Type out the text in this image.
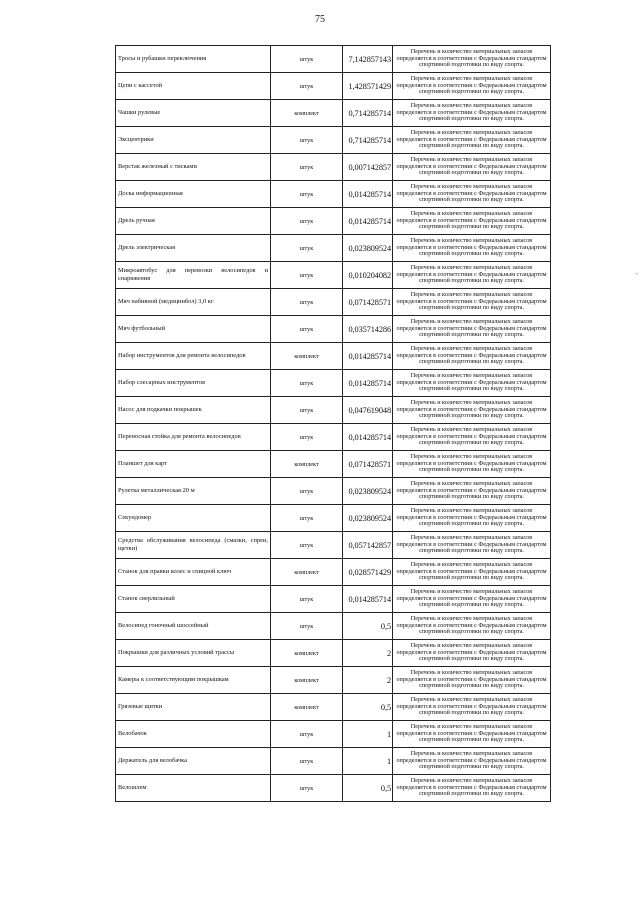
75
-
Тросы и рубашки переключения	штук	7,142857143	Перечень и количество материальных запасов определяется в соответствии с Федеральным стандартом спортивной подготовки по виду спорта.
Цепи с кассетой	штук	1,428571429	Перечень и количество материальных запасов определяется в соответствии с Федеральным стандартом спортивной подготовки по виду спорта.
Чашки рулевые	комплект	0,714285714	Перечень и количество материальных запасов определяется в соответствии с Федеральным стандартом спортивной подготовки по виду спорта.
Эксцентрики	штук	0,714285714	Перечень и количество материальных запасов определяется в соответствии с Федеральным стандартом спортивной подготовки по виду спорта.
Верстак железный с тисками	штук	0,007142857	Перечень и количество материальных запасов определяется в соответствии с Федеральным стандартом спортивной подготовки по виду спорта.
Доска информационная	штук	0,014285714	Перечень и количество материальных запасов определяется в соответствии с Федеральным стандартом спортивной подготовки по виду спорта.
Дрель ручная	штук	0,014285714	Перечень и количество материальных запасов определяется в соответствии с Федеральным стандартом спортивной подготовки по виду спорта.
Дрель электрическая	штук	0,023809524	Перечень и количество материальных запасов определяется в соответствии с Федеральным стандартом спортивной подготовки по виду спорта.
Микроавтобус для перевозки велосипедов и снаряжения	штук	0,010204082	Перечень и количество материальных запасов определяется в соответствии с Федеральным стандартом спортивной подготовки по виду спорта.
Мяч набивной (медицинбол) 3,0 кг	штук	0,071428571	Перечень и количество материальных запасов определяется в соответствии с Федеральным стандартом спортивной подготовки по виду спорта.
Мяч футбольный	штук	0,035714286	Перечень и количество материальных запасов определяется в соответствии с Федеральным стандартом спортивной подготовки по виду спорта.
Набор инструментов для ремонта велосипедов	комплект	0,014285714	Перечень и количество материальных запасов определяется в соответствии с Федеральным стандартом спортивной подготовки по виду спорта.
Набор слесарных инструментов	штук	0,014285714	Перечень и количество материальных запасов определяется в соответствии с Федеральным стандартом спортивной подготовки по виду спорта.
Насос для подкачки покрышек	штук	0,047619048	Перечень и количество материальных запасов определяется в соответствии с Федеральным стандартом спортивной подготовки по виду спорта.
Переносная стойка для ремонта велосипедов	штук	0,014285714	Перечень и количество материальных запасов определяется в соответствии с Федеральным стандартом спортивной подготовки по виду спорта.
Планшет для карт	комплект	0,071428571	Перечень и количество материальных запасов определяется в соответствии с Федеральным стандартом спортивной подготовки по виду спорта.
Рулетка металлическая 20 м	штук	0,023809524	Перечень и количество материальных запасов определяется в соответствии с Федеральным стандартом спортивной подготовки по виду спорта.
Секундомер	штук	0,023809524	Перечень и количество материальных запасов определяется в соответствии с Федеральным стандартом спортивной подготовки по виду спорта.
Средства обслуживания велосипеда (смазки, спреи, щетки)	штук	0,057142857	Перечень и количество материальных запасов определяется в соответствии с Федеральным стандартом спортивной подготовки по виду спорта.
Станок для правки колес и спицной ключ	комплект	0,028571429	Перечень и количество материальных запасов определяется в соответствии с Федеральным стандартом спортивной подготовки по виду спорта.
Станок сверлильный	штук	0,014285714	Перечень и количество материальных запасов определяется в соответствии с Федеральным стандартом спортивной подготовки по виду спорта.
Велосипед гоночный шоссейный	штук	0,5	Перечень и количество материальных запасов определяется в соответствии с Федеральным стандартом спортивной подготовки по виду спорта.
Покрышки для различных условий трассы	комплект	2	Перечень и количество материальных запасов определяется в соответствии с Федеральным стандартом спортивной подготовки по виду спорта.
Камеры к соответствующим покрышкам	комплект	2	Перечень и количество материальных запасов определяется в соответствии с Федеральным стандартом спортивной подготовки по виду спорта.
Грязевые щитки	комплект	0,5	Перечень и количество материальных запасов определяется в соответствии с Федеральным стандартом спортивной подготовки по виду спорта.
Велобачок	штук	1	Перечень и количество материальных запасов определяется в соответствии с Федеральным стандартом спортивной подготовки по виду спорта.
Держатель для велобачка	штук	1	Перечень и количество материальных запасов определяется в соответствии с Федеральным стандартом спортивной подготовки по виду спорта.
Велошлем	штук	0,5	Перечень и количество материальных запасов определяется в соответствии с Федеральным стандартом спортивной подготовки по виду спорта.
